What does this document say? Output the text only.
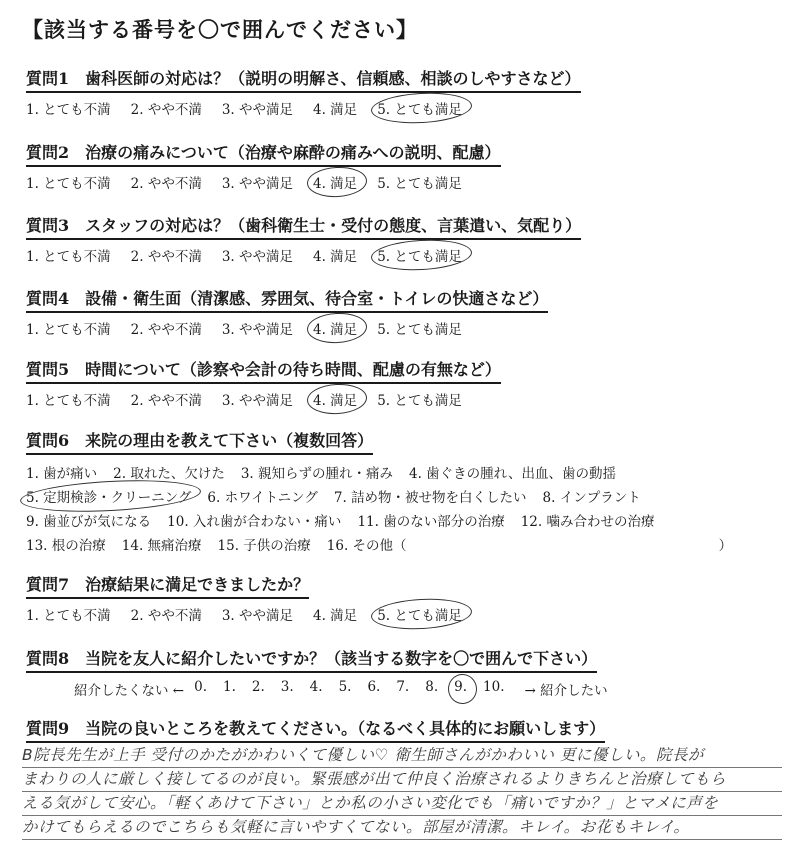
【該当する番号を〇で囲んでください】
質問1 歯科医師の対応は？（説明の明解さ、信頼感、相談のしやすさなど）
1. とても不満 2. やや不満 3. やや満足 4. 満足 5. とても満足
質問2 治療の痛みについて（治療や麻酔の痛みへの説明、配慮）
1. とても不満 2. やや不満 3. やや満足 4. 満足 5. とても満足
質問3 スタッフの対応は？（歯科衛生士・受付の態度、言葉遣い、気配り）
1. とても不満 2. やや不満 3. やや満足 4. 満足 5. とても満足
質問4 設備・衛生面（清潔感、雰囲気、待合室・トイレの快適さなど）
1. とても不満 2. やや不満 3. やや満足 4. 満足 5. とても満足
質問5 時間について（診察や会計の待ち時間、配慮の有無など）
1. とても不満 2. やや不満 3. やや満足 4. 満足 5. とても満足
質問6 来院の理由を教えて下さい（複数回答）
1. 歯が痛い 2. 取れた、欠けた 3. 親知らずの腫れ・痛み 4. 歯ぐきの腫れ、出血、歯の動揺
5. 定期検診・クリーニング 6. ホワイトニング 7. 詰め物・被せ物を白くしたい 8. インプラント
9. 歯並びが気になる 10. 入れ歯が合わない・痛い 11. 歯のない部分の治療 12. 噛み合わせの治療
13. 根の治療 14. 無痛治療 15. 子供の治療 16. その他（	）
質問7 治療結果に満足できましたか？
1. とても不満 2. やや不満 3. やや満足 4. 満足 5. とても満足
質問8 当院を友人に紹介したいですか？（該当する数字を〇で囲んで下さい）
紹介したくない ← 0. 1. 2. 3. 4. 5. 6. 7. 8. 9. 10. → 紹介したい
質問9 当院の良いところを教えてください。（なるべく具体的にお願いします）
B院長先生が上手 受付のかたがかわいくて優しい♡ 衛生師さんがかわいい 更に優しい。院長が
まわりの人に厳しく接してるのが良い。緊張感が出て仲良く治療されるよりきちんと治療してもら
える気がして安心。「軽くあけて下さい」とか私の小さい変化でも「痛いですか？」とマメに声を
かけてもらえるのでこちらも気軽に言いやすくてない。部屋が清潔。キレイ。お花もキレイ。
